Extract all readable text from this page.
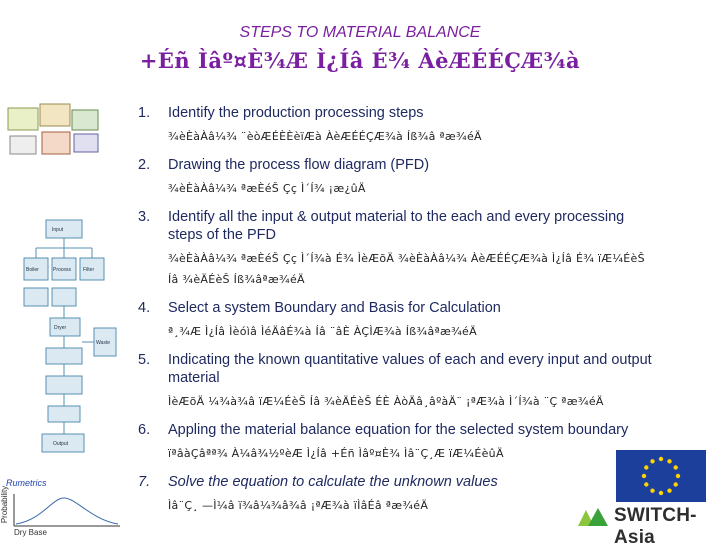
STEPS TO MATERIAL BALANCE
+Éñ Ìâº¤È¾Æ Ì¿Íâ É¾ ÀèÆÉÉÇÆ¾à
Input
Boiler	Process Filter
Dryer
Output
Waste
Rumetrics
Probability
Dry Base
1. Identify the production processing steps
¾èÈàÀâ¼¾ ¨èòÆÉÈÈèïÆà ÀèÆÉÉÇÆ¾à Íß¾â ªæ¾éÄ
2. Drawing the process flow diagram (PFD)
¾èÈàÀâ¼¾ ªæÈéŠ Çç Ì´Í¾ ¡æ¿ûÄ
3. Identify all the input & output material to the each and every processing steps of the PFD
¾èÈàÀâ¼¾ ªæÈéŠ Çç Ì´Í¾à É¾ ÌèÆõÄ ¾èÈàÀâ¼¾ ÀèÆÉÉÇÆ¾à Ì¿Íâ É¾ ïÆ¼ÉèŠ Íâ ¾èÄÉèŠ Íß¾âªæ¾éÄ
4. Select a system Boundary and Basis for Calculation
ª¸¾Æ Ì¿Íâ Ìèóìâ ÌéÄâÉ¾à Íâ ¨âÈ ÀÇÌÆ¾à Íß¾âªæ¾éÄ
5. Indicating the known quantitative values of each and every input and output material
ÌèÆõÄ ¼¾à¾â ïÆ¼ÉèŠ Íâ ¾èÄÉèŠ ÉÈ ÀòÄâ¸âºàÄ¨ ¡ªÆ¾à Ì´Í¾à ¨Ç ªæ¾éÄ
6. Appling the material balance equation for the selected system boundary
ïªâàÇâªª¾ À¼â¾½ºèÆ Ì¿Íâ +Éñ Ìâº¤È¾ Ìâ¨Ç¸Æ ïÆ¼ÉèûÄ
7. Solve the equation to calculate the unknown values
Ìâ¨Ç¸ —Ì¼â ï¾â¼¾â¾â ¡ªÆ¾à ïÌâÉâ ªæ¾éÄ	SWITCH-Asia
